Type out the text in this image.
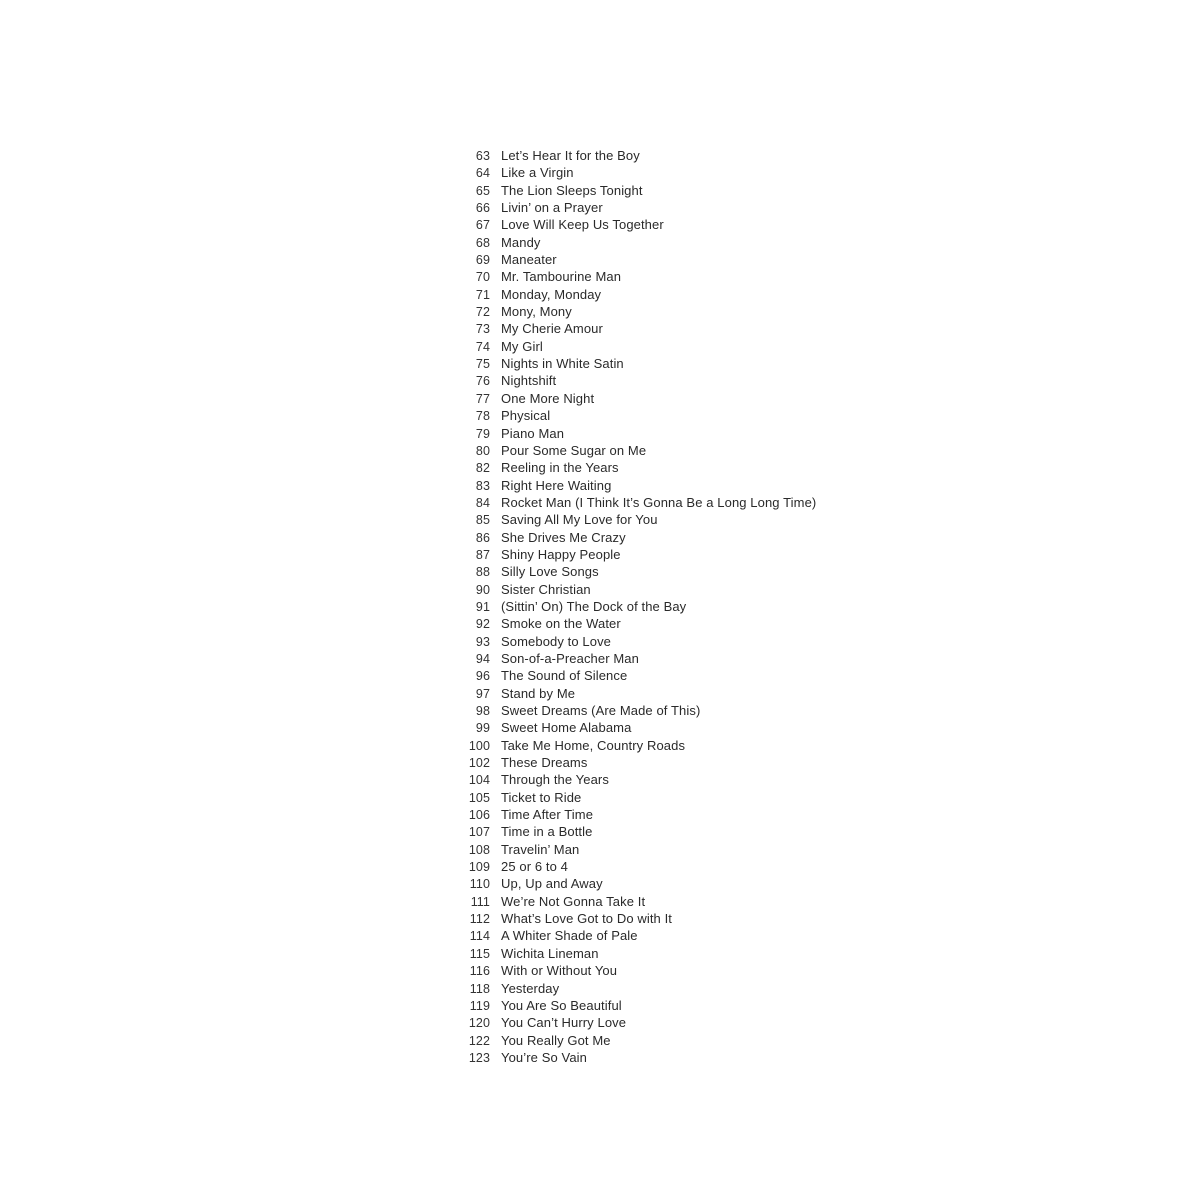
63 Let’s Hear It for the Boy
64 Like a Virgin
65 The Lion Sleeps Tonight
66 Livin’ on a Prayer
67 Love Will Keep Us Together
68 Mandy
69 Maneater
70 Mr. Tambourine Man
71 Monday, Monday
72 Mony, Mony
73 My Cherie Amour
74 My Girl
75 Nights in White Satin
76 Nightshift
77 One More Night
78 Physical
79 Piano Man
80 Pour Some Sugar on Me
82 Reeling in the Years
83 Right Here Waiting
84 Rocket Man (I Think It’s Gonna Be a Long Long Time)
85 Saving All My Love for You
86 She Drives Me Crazy
87 Shiny Happy People
88 Silly Love Songs
90 Sister Christian
91 (Sittin’ On) The Dock of the Bay
92 Smoke on the Water
93 Somebody to Love
94 Son-of-a-Preacher Man
96 The Sound of Silence
97 Stand by Me
98 Sweet Dreams (Are Made of This)
99 Sweet Home Alabama
100 Take Me Home, Country Roads
102 These Dreams
104 Through the Years
105 Ticket to Ride
106 Time After Time
107 Time in a Bottle
108 Travelin’ Man
109 25 or 6 to 4
110 Up, Up and Away
111 We’re Not Gonna Take It
112 What’s Love Got to Do with It
114 A Whiter Shade of Pale
115 Wichita Lineman
116 With or Without You
118 Yesterday
119 You Are So Beautiful
120 You Can’t Hurry Love
122 You Really Got Me
123 You’re So Vain
